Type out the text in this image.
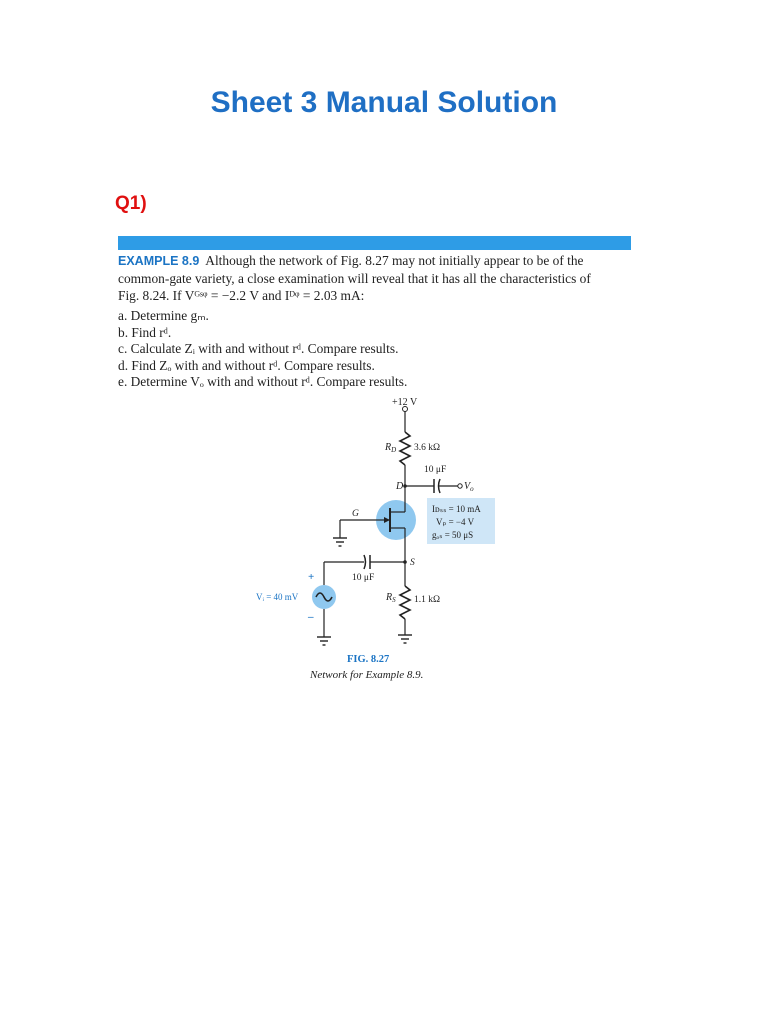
Sheet 3 Manual Solution
Q1)
EXAMPLE 8.9 Although the network of Fig. 8.27 may not initially appear to be of the
common-gate variety, a close examination will reveal that it has all the characteristics of
Fig. 8.24. If Vᴳˢᵠ = −2.2 V and Iᴰᵠ = 2.03 mA:
a. Determine gₘ.
b. Find rᵈ.
c. Calculate Zᵢ with and without rᵈ. Compare results.
d. Find Zₒ with and without rᵈ. Compare results.
e. Determine Vₒ with and without rᵈ. Compare results.
+12 V
$R_D$ 3.6 kΩ
D
10 μF
$V_o$
G	Iᴅₛₛ = 10 mA
Vₚ = −4 V
gₒₛ = 50 μS
S
10 μF
+
Vᵢ = 40 mV
–
$R_S$ 1.1 kΩ
FIG. 8.27
Network for Example 8.9.
